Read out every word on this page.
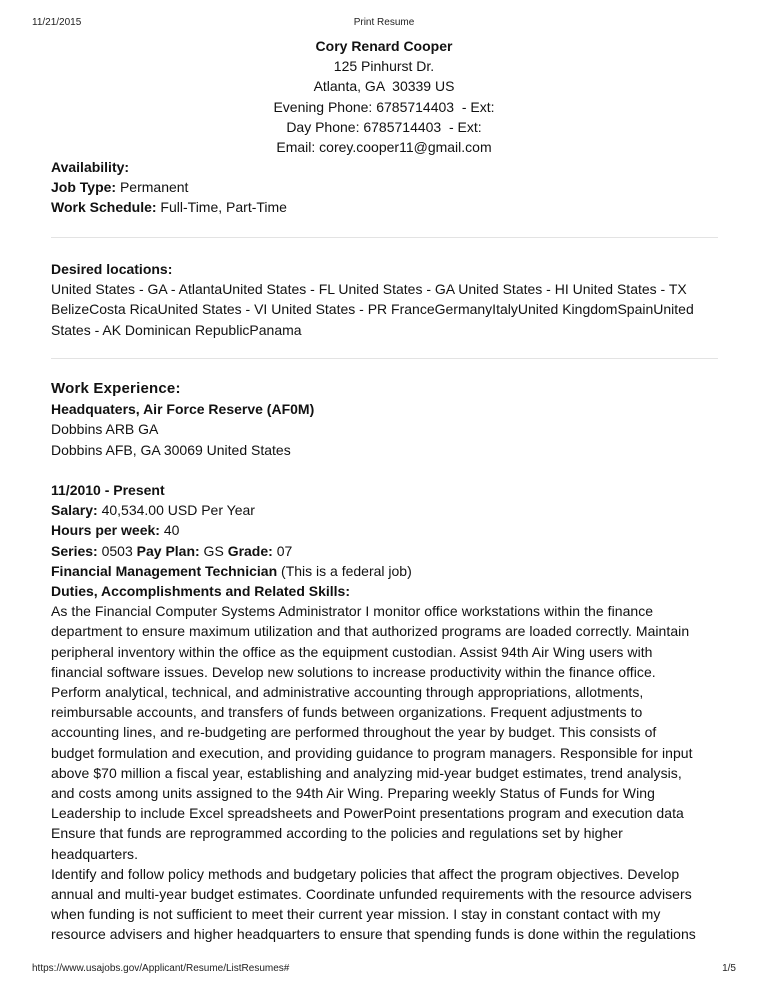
11/21/2015	Print Resume
Cory Renard Cooper
125 Pinhurst Dr.
Atlanta, GA  30339 US
Evening Phone: 6785714403  - Ext:
Day Phone: 6785714403  - Ext:
Email: corey.cooper11@gmail.com
Availability:
Job Type: Permanent
Work Schedule: Full-Time, Part-Time
Desired locations:
United States - GA - AtlantaUnited States - FL United States - GA United States - HI United States - TX
BelizeCosta RicaUnited States - VI United States - PR FranceGermanyItalyUnited KingdomSpainUnited
States - AK Dominican RepublicPanama
Work Experience:
Headquaters, Air Force Reserve (AF0M)
Dobbins ARB GA
Dobbins AFB, GA 30069 United States
11/2010 - Present
Salary: 40,534.00 USD Per Year
Hours per week: 40
Series: 0503 Pay Plan: GS Grade: 07
Financial Management Technician (This is a federal job)
Duties, Accomplishments and Related Skills:
As the Financial Computer Systems Administrator I monitor office workstations within the finance
department to ensure maximum utilization and that authorized programs are loaded correctly. Maintain
peripheral inventory within the office as the equipment custodian. Assist 94th Air Wing users with
financial software issues. Develop new solutions to increase productivity within the finance office.
Perform analytical, technical, and administrative accounting through appropriations, allotments,
reimbursable accounts, and transfers of funds between organizations. Frequent adjustments to
accounting lines, and re-budgeting are performed throughout the year by budget. This consists of
budget formulation and execution, and providing guidance to program managers. Responsible for input
above $70 million a fiscal year, establishing and analyzing mid-year budget estimates, trend analysis,
and costs among units assigned to the 94th Air Wing. Preparing weekly Status of Funds for Wing
Leadership to include Excel spreadsheets and PowerPoint presentations program and execution data
Ensure that funds are reprogrammed according to the policies and regulations set by higher
headquarters.
Identify and follow policy methods and budgetary policies that affect the program objectives. Develop
annual and multi-year budget estimates. Coordinate unfunded requirements with the resource advisers
when funding is not sufficient to meet their current year mission. I stay in constant contact with my
resource advisers and higher headquarters to ensure that spending funds is done within the regulations
https://www.usajobs.gov/Applicant/Resume/ListResumes#	1/5
